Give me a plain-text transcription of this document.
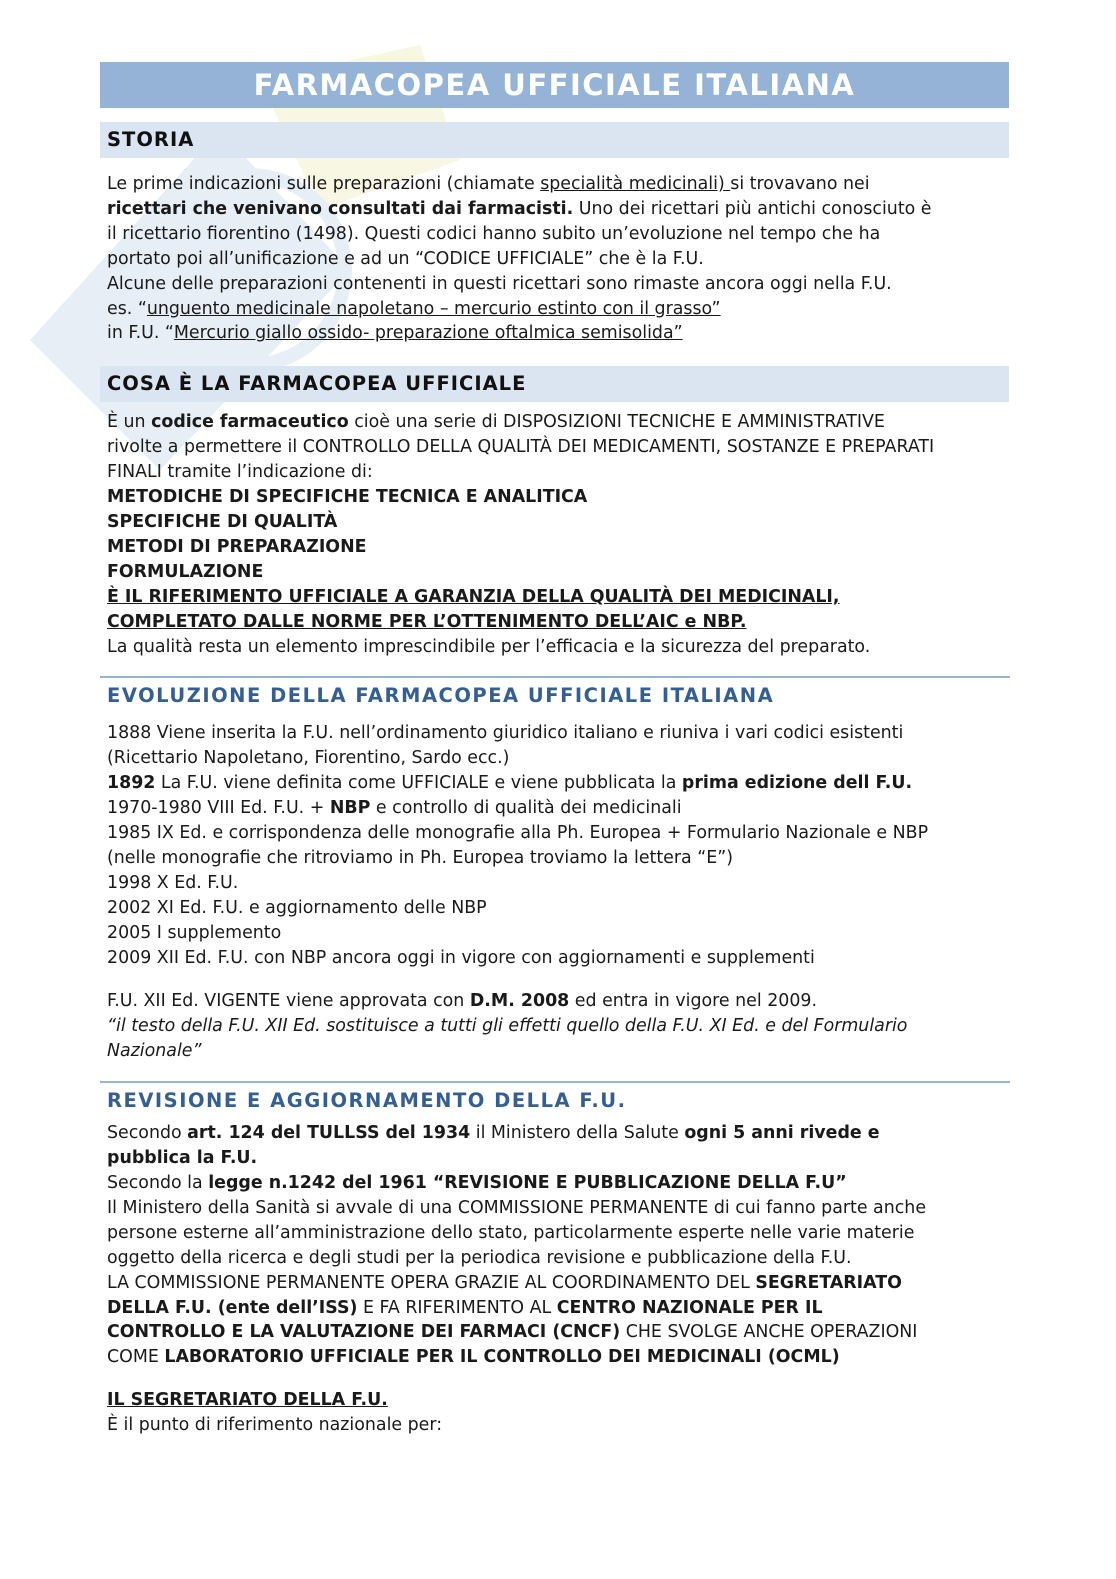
FARMACOPEA UFFICIALE ITALIANA
STORIA
Le prime indicazioni sulle preparazioni (chiamate specialità medicinali) si trovavano nei
ricettari che venivano consultati dai farmacisti. Uno dei ricettari più antichi conosciuto è
il ricettario fiorentino (1498). Questi codici hanno subito un’evoluzione nel tempo che ha
portato poi all’unificazione e ad un “CODICE UFFICIALE” che è la F.U.
Alcune delle preparazioni contenenti in questi ricettari sono rimaste ancora oggi nella F.U.
es. “unguento medicinale napoletano – mercurio estinto con il grasso”
in F.U. “Mercurio giallo ossido- preparazione oftalmica semisolida”
COSA È LA FARMACOPEA UFFICIALE
È un codice farmaceutico cioè una serie di DISPOSIZIONI TECNICHE E AMMINISTRATIVE
rivolte a permettere il CONTROLLO DELLA QUALITÀ DEI MEDICAMENTI, SOSTANZE E PREPARATI
FINALI tramite l’indicazione di:
METODICHE DI SPECIFICHE TECNICA E ANALITICA
SPECIFICHE DI QUALITÀ
METODI DI PREPARAZIONE
FORMULAZIONE
È IL RIFERIMENTO UFFICIALE A GARANZIA DELLA QUALITÀ DEI MEDICINALI,
COMPLETATO DALLE NORME PER L’OTTENIMENTO DELL’AIC e NBP.
La qualità resta un elemento imprescindibile per l’efficacia e la sicurezza del preparato.
EVOLUZIONE DELLA FARMACOPEA UFFICIALE ITALIANA
1888 Viene inserita la F.U. nell’ordinamento giuridico italiano e riuniva i vari codici esistenti
(Ricettario Napoletano, Fiorentino, Sardo ecc.)
1892 La F.U. viene definita come UFFICIALE e viene pubblicata la prima edizione dell F.U.
1970-1980 VIII Ed. F.U. + NBP e controllo di qualità dei medicinali
1985 IX Ed. e corrispondenza delle monografie alla Ph. Europea + Formulario Nazionale e NBP
(nelle monografie che ritroviamo in Ph. Europea troviamo la lettera “E”)
1998 X Ed. F.U.
2002 XI Ed. F.U. e aggiornamento delle NBP
2005 I supplemento
2009 XII Ed. F.U. con NBP ancora oggi in vigore con aggiornamenti e supplementi
F.U. XII Ed. VIGENTE viene approvata con D.M. 2008 ed entra in vigore nel 2009.
“il testo della F.U. XII Ed. sostituisce a tutti gli effetti quello della F.U. XI Ed. e del Formulario
Nazionale”
REVISIONE E AGGIORNAMENTO DELLA F.U.
Secondo art. 124 del TULLSS del 1934 il Ministero della Salute ogni 5 anni rivede e
pubblica la F.U.
Secondo la legge n.1242 del 1961 “REVISIONE E PUBBLICAZIONE DELLA F.U”
Il Ministero della Sanità si avvale di una COMMISSIONE PERMANENTE di cui fanno parte anche
persone esterne all’amministrazione dello stato, particolarmente esperte nelle varie materie
oggetto della ricerca e degli studi per la periodica revisione e pubblicazione della F.U.
LA COMMISSIONE PERMANENTE OPERA GRAZIE AL COORDINAMENTO DEL SEGRETARIATO
DELLA F.U. (ente dell’ISS) E FA RIFERIMENTO AL CENTRO NAZIONALE PER IL
CONTROLLO E LA VALUTAZIONE DEI FARMACI (CNCF) CHE SVOLGE ANCHE OPERAZIONI
COME LABORATORIO UFFICIALE PER IL CONTROLLO DEI MEDICINALI (OCML)
IL SEGRETARIATO DELLA F.U.
È il punto di riferimento nazionale per:
